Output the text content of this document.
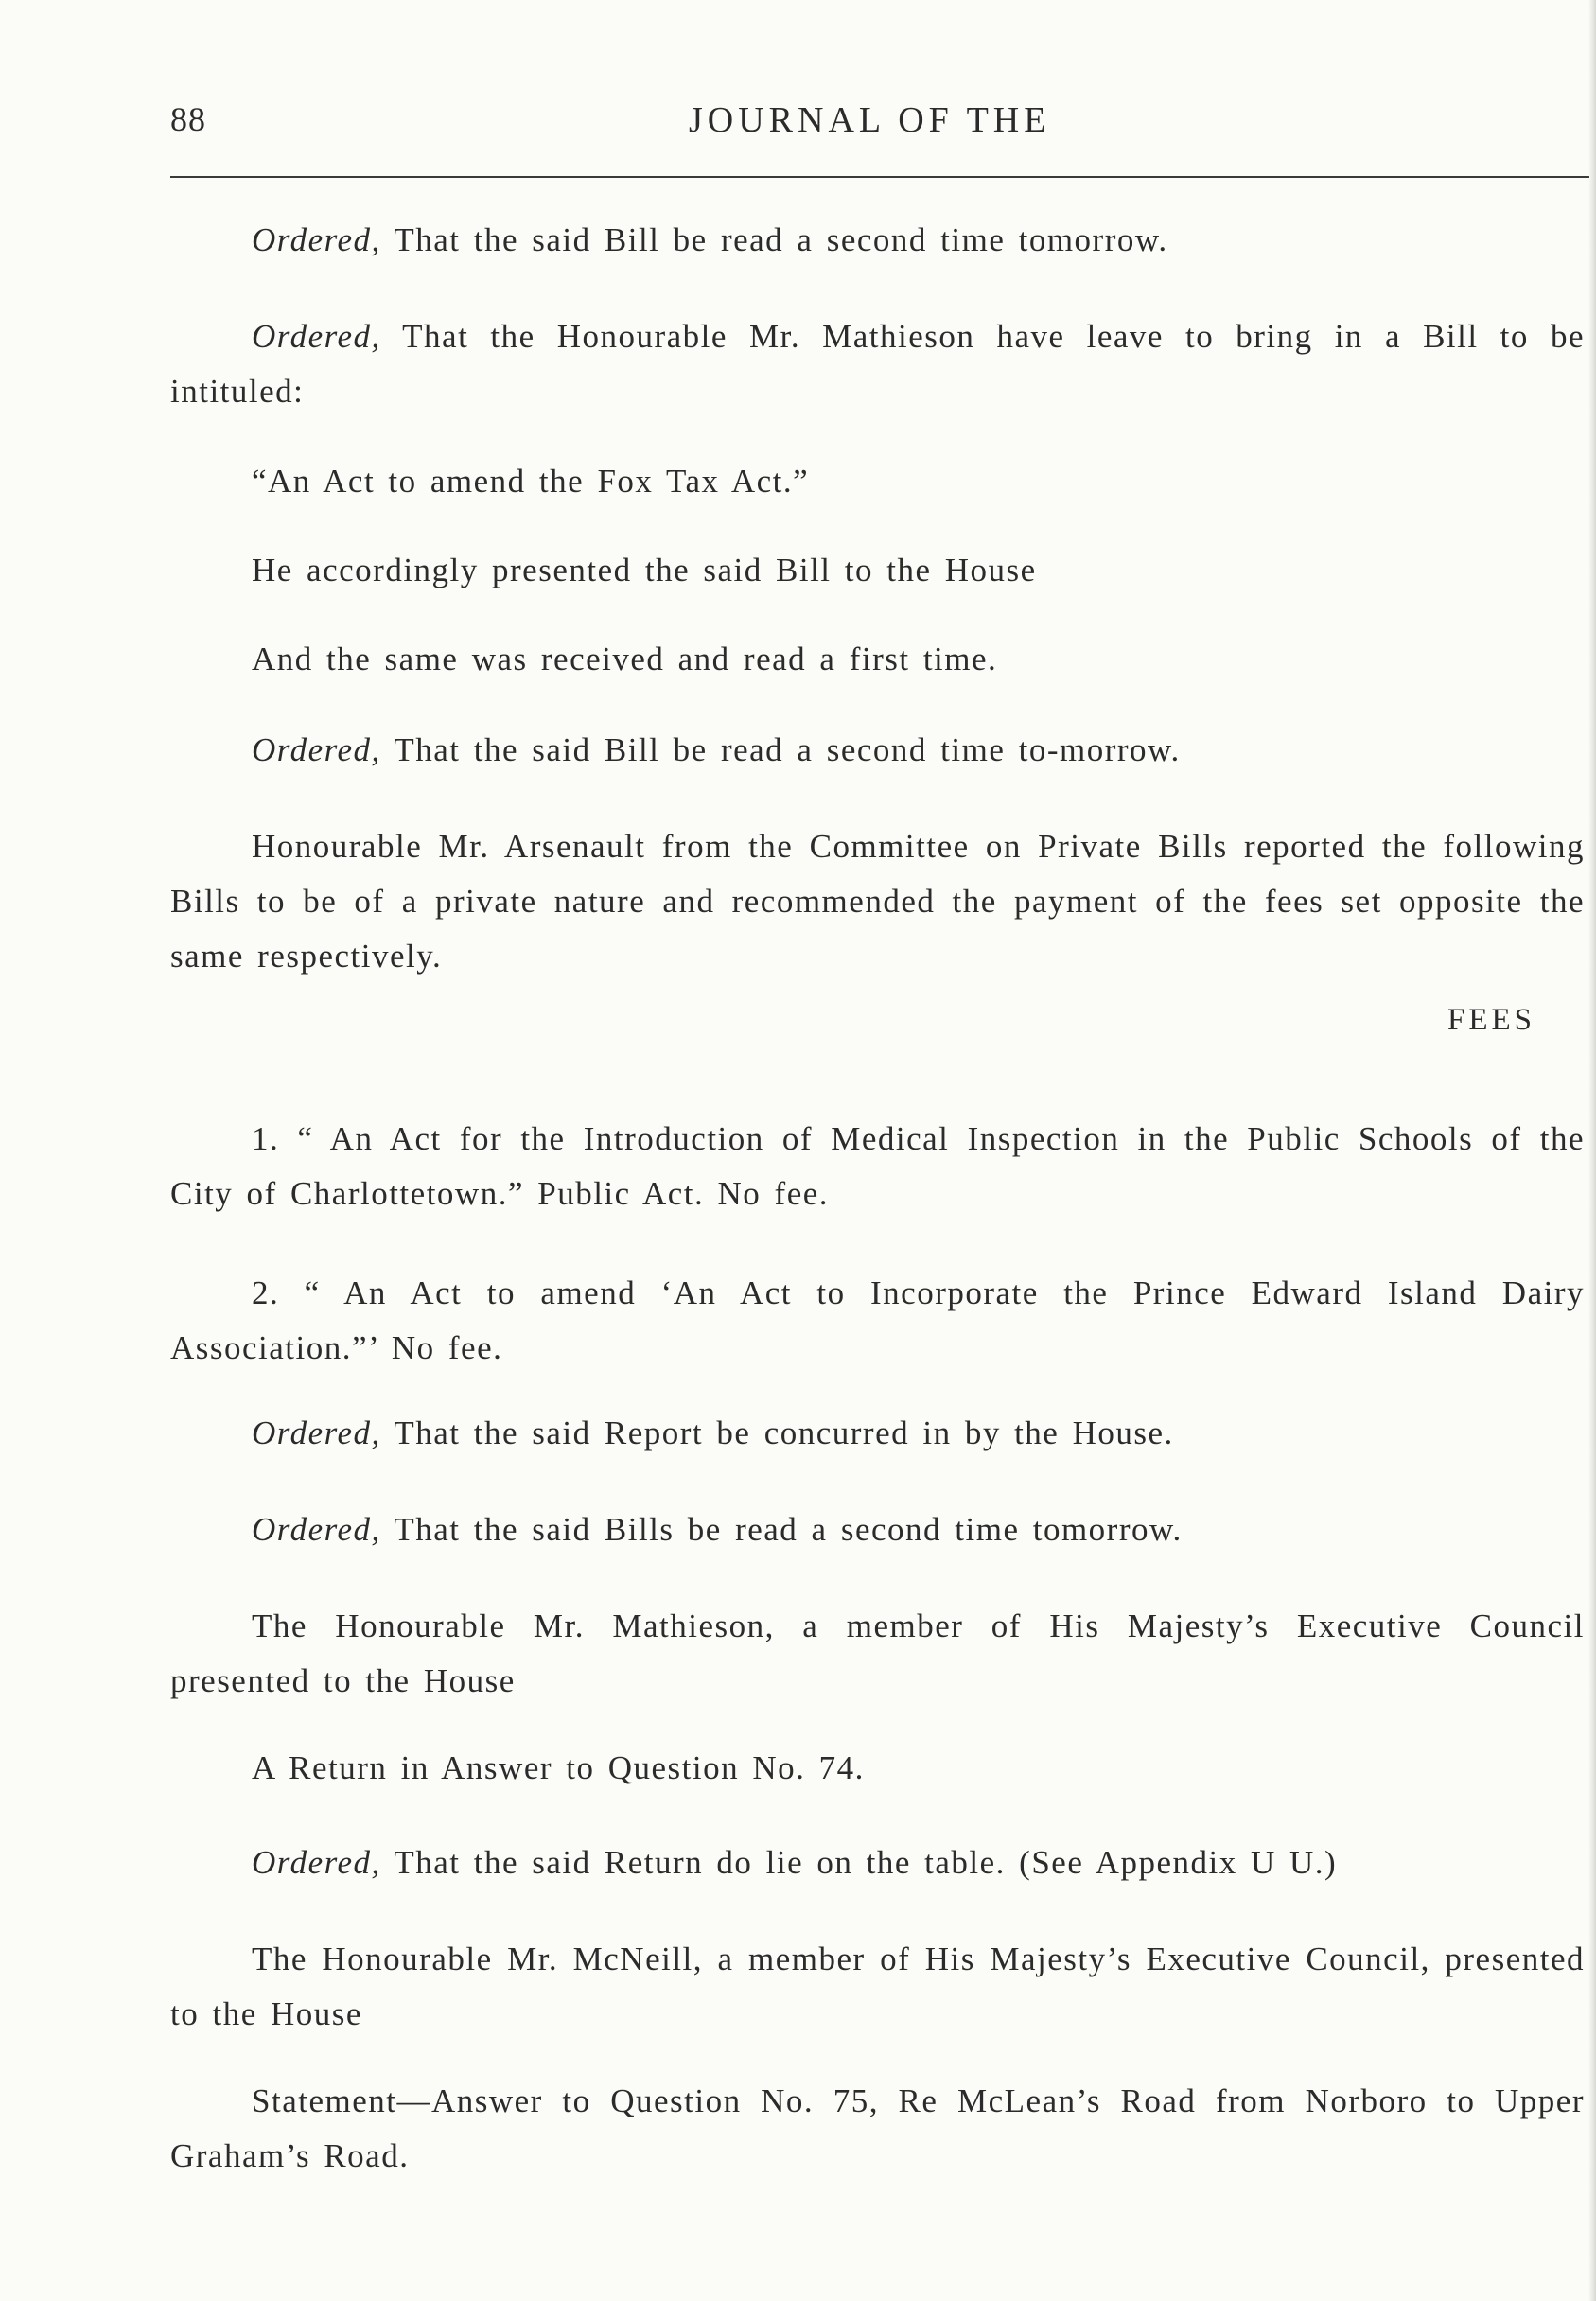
88	JOURNAL OF THE
Ordered, That the said Bill be read a second time tomorrow.
Ordered, That the Honourable Mr. Mathieson have leave to bring in a Bill to be intituled:
“An Act to amend the Fox Tax Act.”
He accordingly presented the said Bill to the House
And the same was received and read a first time.
Ordered, That the said Bill be read a second time to-morrow.
Honourable Mr. Arsenault from the Committee on Private Bills reported the following Bills to be of a private nature and recommended the payment of the fees set opposite the same respectively.
1. “ An Act for the Introduction of Medical Inspection in the Public Schools of the City of Charlottetown.” Public Act. No fee.
2. “ An Act to amend ‘An Act to Incorporate the Prince Edward Island Dairy Association.”’ No fee.
Ordered, That the said Report be concurred in by the House.
Ordered, That the said Bills be read a second time tomorrow.
The Honourable Mr. Mathieson, a member of His Majesty’s Executive Council presented to the House
A Return in Answer to Question No. 74.
Ordered, That the said Return do lie on the table. (See Appendix U U.)
The Honourable Mr. McNeill, a member of His Majesty’s Executive Council, presented to the House
Statement—Answer to Question No. 75, Re McLean’s Road from Norboro to Upper Graham’s Road.
FEES
